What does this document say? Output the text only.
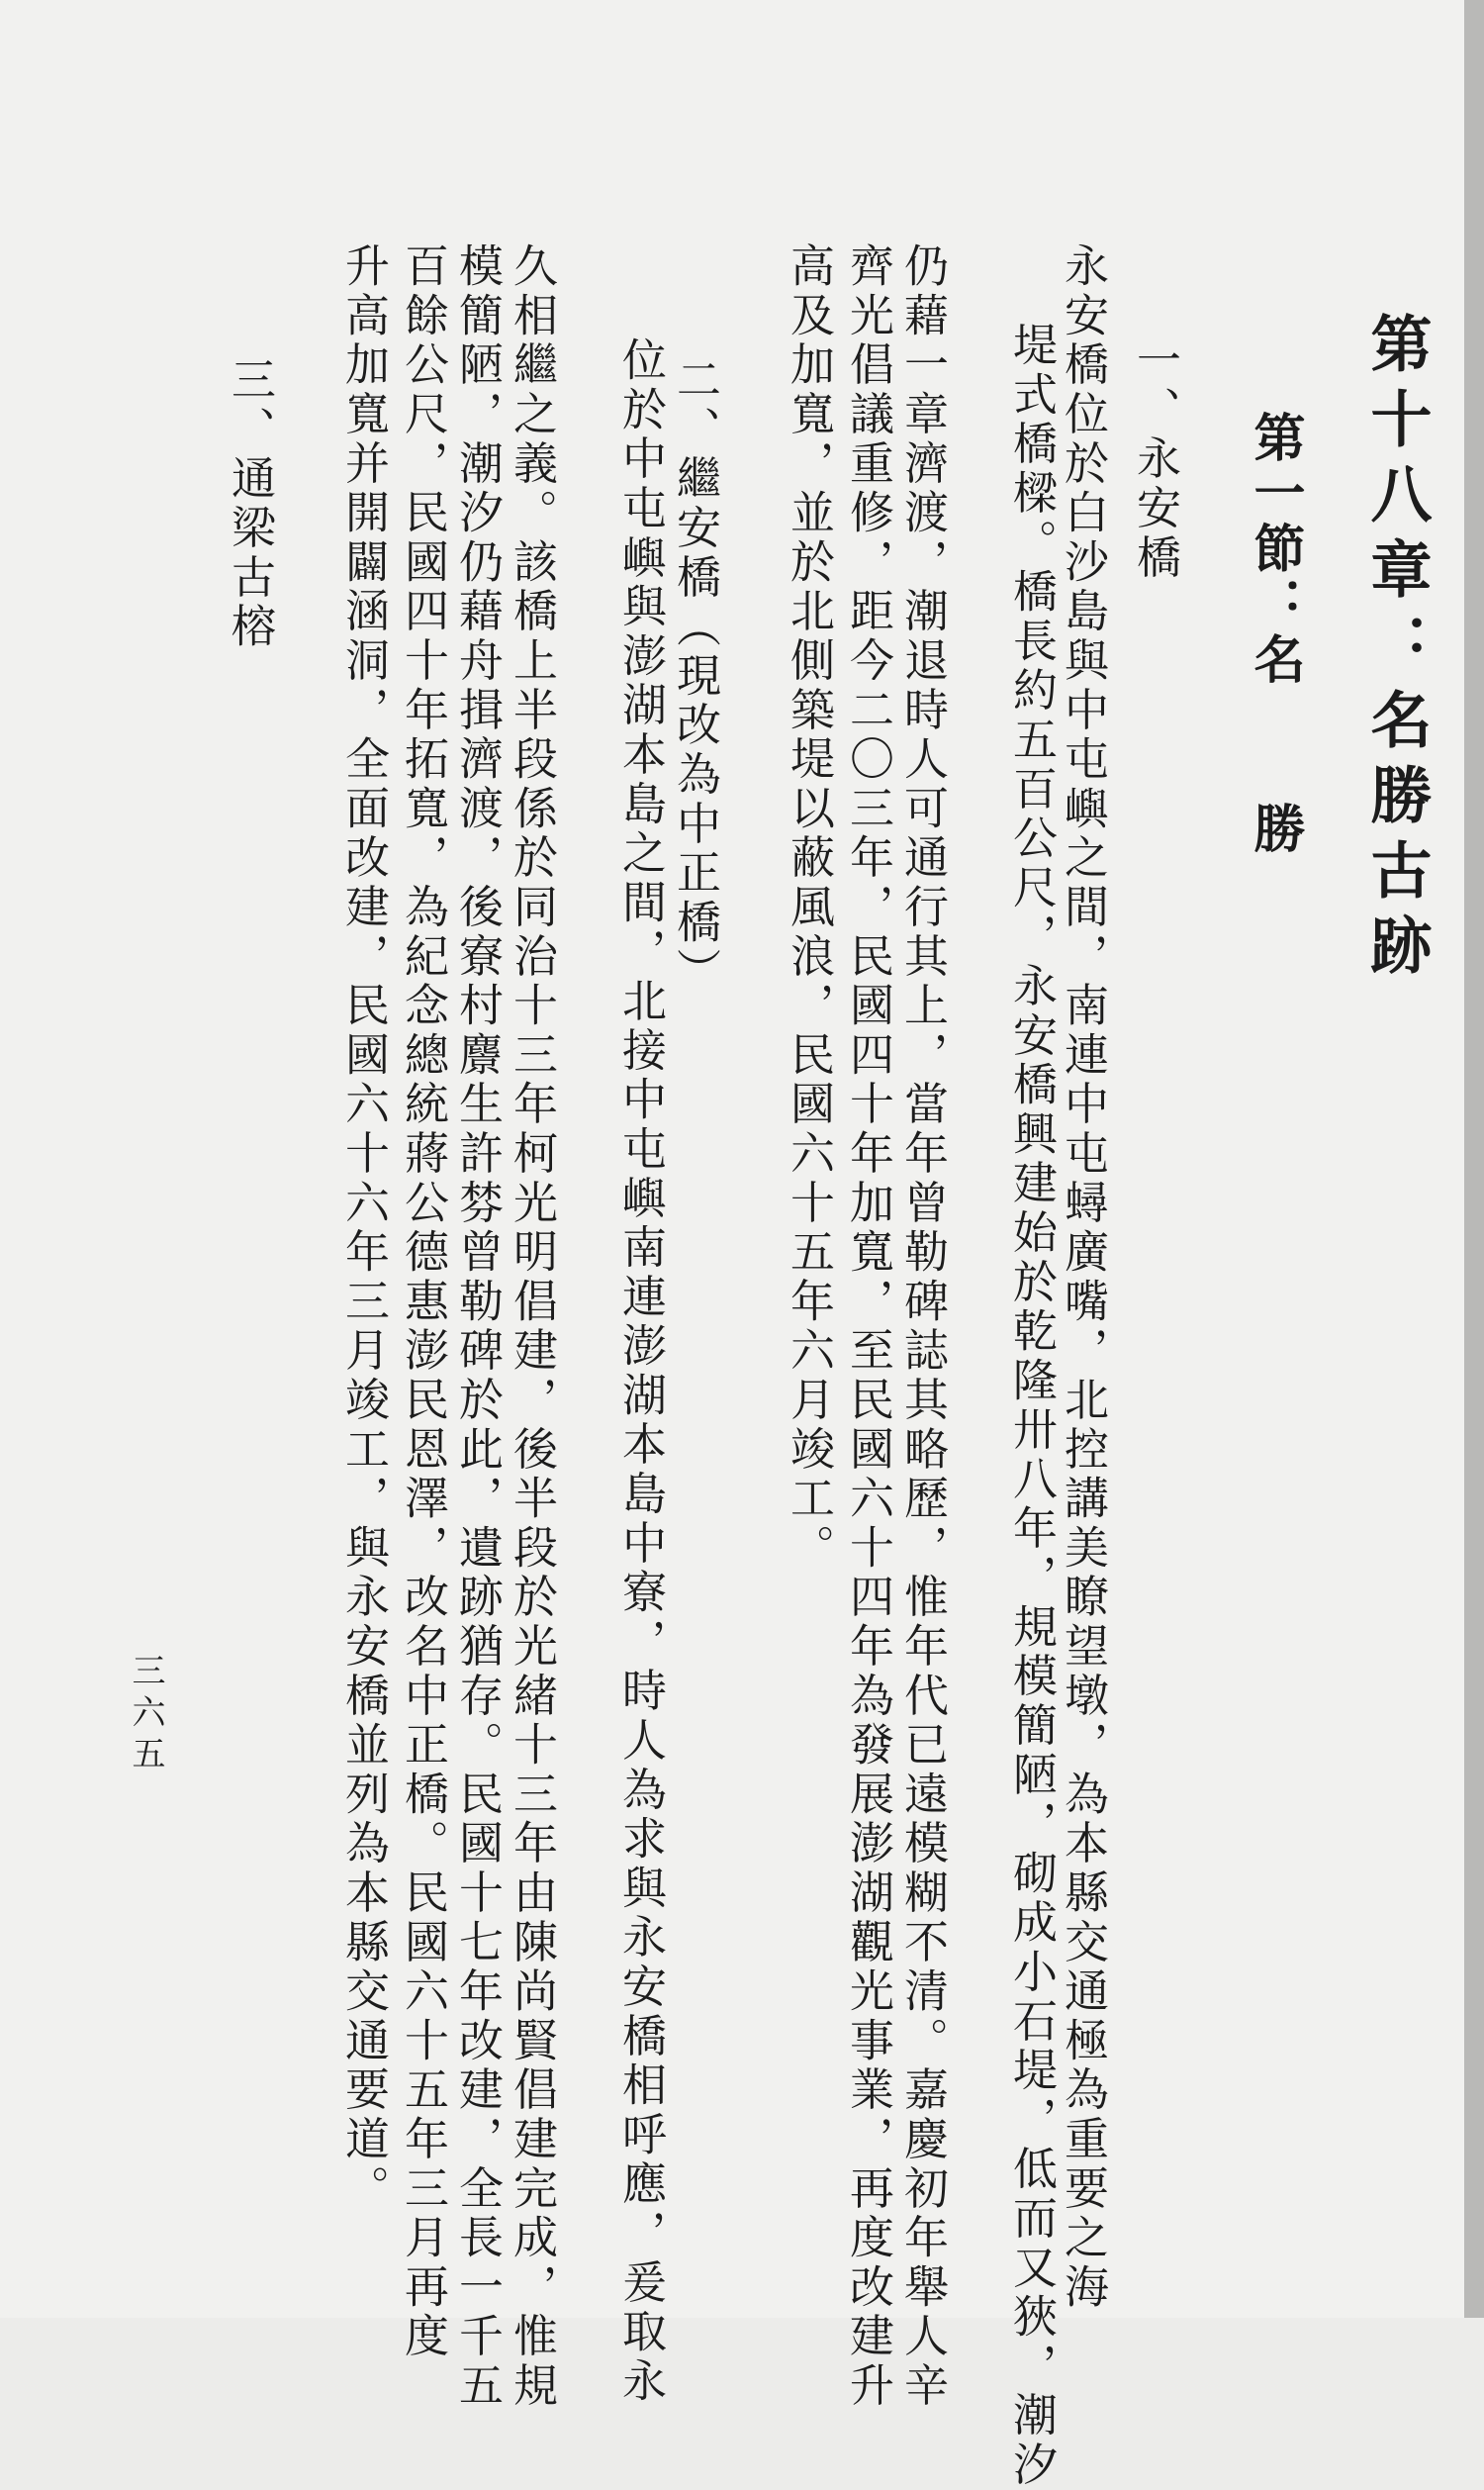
第十八章：名勝古跡
第一節：名勝
一、永安橋
堤式橋樑。橋長約五百公尺，永安橋興建始於乾隆卅八年，規模簡陋，砌成小石堤，低而又狹，潮汐 永安橋位於白沙島與中屯嶼之間，南連中屯蟳廣嘴，北控講美瞭望墩，為本縣交通極為重要之海
仍藉一章濟渡，潮退時人可通行其上，當年曾勒碑誌其略歷，惟年代已遠模糊不清。嘉慶初年舉人辛
齊光倡議重修，距今二〇三年，民國四十年加寬，至民國六十四年為發展澎湖觀光事業，再度改建升
高及加寬，並於北側築堤以蔽風浪，民國六十五年六月竣工。
二、繼安橋（現改為中正橋）
位於中屯嶼與澎湖本島之間，北接中屯嶼南連澎湖本島中寮，時人為求與永安橋相呼應，爰取永
久相繼之義。該橋上半段係於同治十三年柯光明倡建，後半段於光緒十三年由陳尚賢倡建完成，惟規
模簡陋，潮汐仍藉舟揖濟渡，後寮村麖生許棼曾勒碑於此，遺跡猶存。民國十七年改建，全長一千五
百餘公尺，民國四十年拓寬，為紀念總統蔣公德惠澎民恩澤，改名中正橋。民國六十五年三月再度
升高加寬并開闢涵洞，全面改建，民國六十六年三月竣工，與永安橋並列為本縣交通要道。
三、通梁古榕
三六五
